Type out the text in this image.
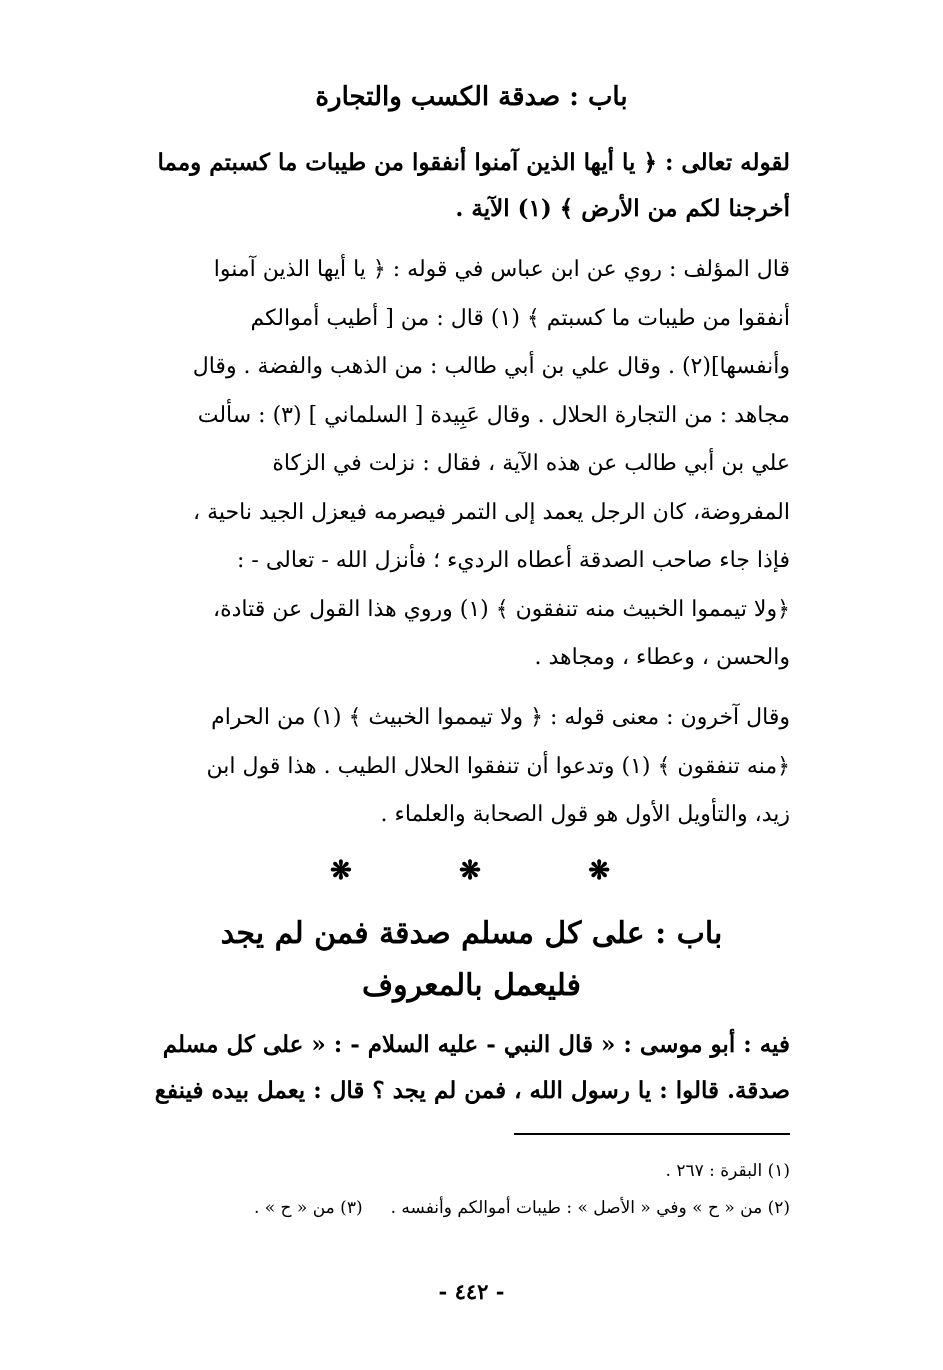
باب : صدقة الكسب والتجارة
لقوله تعالى : ﴿ يا أيها الذين آمنوا أنفقوا من طيبات ما كسبتم ومما
أخرجنا لكم من الأرض ﴾ (١) الآية .
قال المؤلف : روي عن ابن عباس في قوله : ﴿ يا أيها الذين آمنوا
أنفقوا من طيبات ما كسبتم ﴾ (١) قال : من [ أطيب أموالكم
وأنفسها](٢) . وقال علي بن أبي طالب : من الذهب والفضة . وقال
مجاهد : من التجارة الحلال . وقال عَبِيدة [ السلماني ] (٣) : سألت
علي بن أبي طالب عن هذه الآية ، فقال : نزلت في الزكاة
المفروضة، كان الرجل يعمد إلى التمر فيصرمه فيعزل الجيد ناحية ،
فإذا جاء صاحب الصدقة أعطاه الرديء ؛ فأنزل الله - تعالى - :
﴿ولا تيمموا الخبيث منه تنفقون ﴾ (١) وروي هذا القول عن قتادة،
والحسن ، وعطاء ، ومجاهد .
وقال آخرون : معنى قوله : ﴿ ولا تيمموا الخبيث ﴾ (١) من الحرام
﴿منه تنفقون ﴾ (١) وتدعوا أن تنفقوا الحلال الطيب . هذا قول ابن
زيد، والتأويل الأول هو قول الصحابة والعلماء .
❋	❋	❋
باب : على كل مسلم صدقة فمن لم يجد
فليعمل بالمعروف
فيه : أبو موسى : « قال النبي - عليه السلام - : « على كل مسلم
صدقة. قالوا : يا رسول الله ، فمن لم يجد ؟ قال : يعمل بيده فينفع
(١) البقرة : ٢٦٧ .
(٢) من « ح » وفي « الأصل » : طيبات أموالكم وأنفسه .
(٣) من « ح » .
- ٤٤٢ -
